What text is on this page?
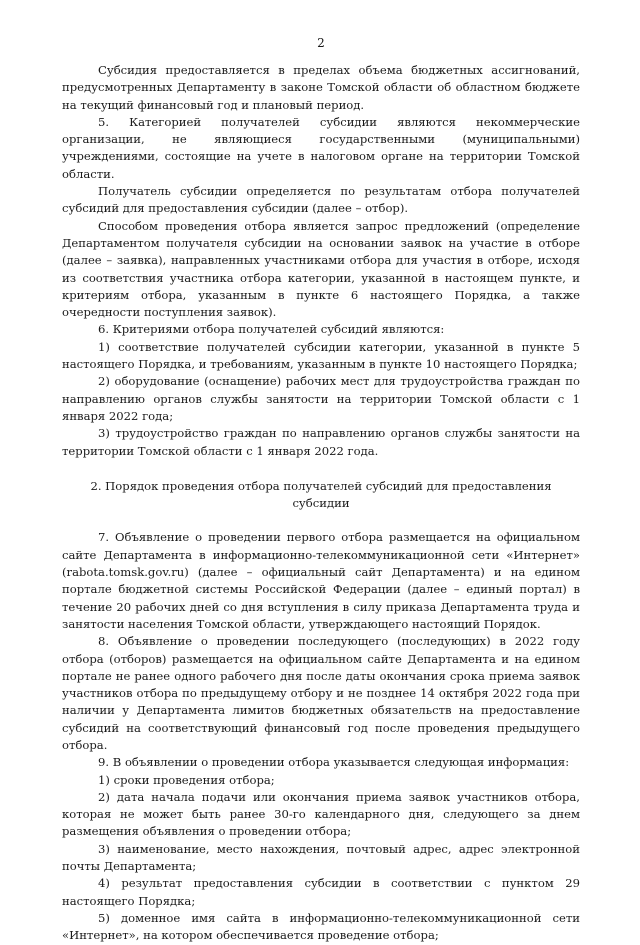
2

Субсидия предоставляется в пределах объема бюджетных ассигнований, предусмотренных Департаменту в законе Томской области об областном бюджете на текущий финансовый год и плановый период.

5. Категорией получателей субсидии являются некоммерческие организации, не являющиеся государственными (муниципальными) учреждениями, состоящие на учете в налоговом органе на территории Томской области.

Получатель субсидии определяется по результатам отбора получателей субсидий для предоставления субсидии (далее – отбор).

Способом проведения отбора является запрос предложений (определение Департаментом получателя субсидии на основании заявок на участие в отборе (далее – заявка), направленных участниками отбора для участия в отборе, исходя из соответствия участника отбора категории, указанной в настоящем пункте, и критериям отбора, указанным в пункте 6 настоящего Порядка, а также очередности поступления заявок).

6. Критериями отбора получателей субсидий являются:

1) соответствие получателей субсидии категории, указанной в пункте 5 настоящего Порядка, и требованиям, указанным в пункте 10 настоящего Порядка;

2) оборудование (оснащение) рабочих мест для трудоустройства граждан по направлению органов службы занятости на территории Томской области с 1 января 2022 года;

3) трудоустройство граждан по направлению органов службы занятости на территории Томской области с 1 января 2022 года.

2. Порядок проведения отбора получателей субсидий для предоставления субсидии

7. Объявление о проведении первого отбора размещается на официальном сайте Департамента в информационно-телекоммуникационной сети «Интернет» (rabota.tomsk.gov.ru) (далее – официальный сайт Департамента) и на едином портале бюджетной системы Российской Федерации (далее – единый портал) в течение 20 рабочих дней со дня вступления в силу приказа Департамента труда и занятости населения Томской области, утверждающего настоящий Порядок.

8. Объявление о проведении последующего (последующих) в 2022 году отбора (отборов) размещается на официальном сайте Департамента и на едином портале не ранее одного рабочего дня после даты окончания срока приема заявок участников отбора по предыдущему отбору и не позднее 14 октября 2022 года при наличии у Департамента лимитов бюджетных обязательств на предоставление субсидий на соответствующий финансовый год после проведения предыдущего отбора.

9. В объявлении о проведении отбора указывается следующая информация:

1) сроки проведения отбора;

2) дата начала подачи или окончания приема заявок участников отбора, которая не может быть ранее 30-го календарного дня, следующего за днем размещения объявления о проведении отбора;

3) наименование, место нахождения, почтовый адрес, адрес электронной почты Департамента;

4) результат предоставления субсидии в соответствии с пунктом 29 настоящего Порядка;

5) доменное имя сайта в информационно-телекоммуникационной сети «Интернет», на котором обеспечивается проведение отбора;
